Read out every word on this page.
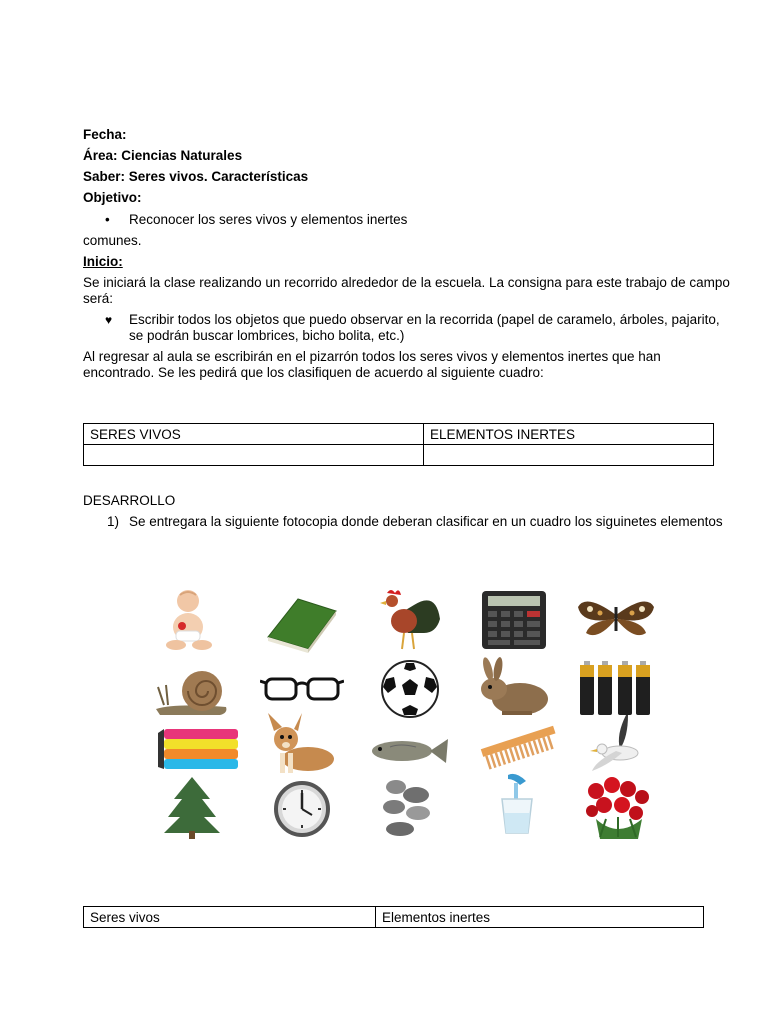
Fecha:
Área: Ciencias Naturales
Saber: Seres vivos. Características
Objetivo:
• Reconocer los seres vivos y elementos inertes
comunes.
Inicio:
Se iniciará la clase realizando un recorrido alrededor de la escuela. La consigna para este trabajo de campo
será:
♥ Escribir todos los objetos que puedo observar en la recorrida (papel de caramelo, árboles, pajarito,
se podrán buscar lombrices, bicho bolita, etc.)
Al regresar al aula se escribirán en el pizarrón todos los seres vivos y elementos inertes que han
encontrado. Se les pedirá que los clasifiquen de acuerdo al siguiente cuadro:
SERES VIVOS	ELEMENTOS INERTES

DESARROLLO
1) Se entregara la siguiente fotocopia donde deberan clasificar en un cuadro los siguinetes elementos
Seres vivos	Elementos inertes
